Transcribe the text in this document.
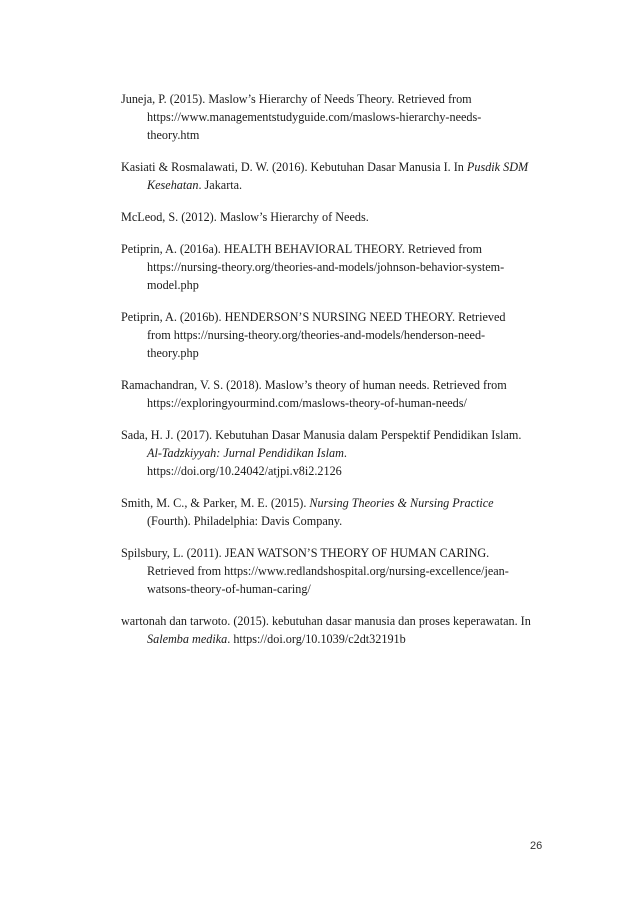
Juneja, P. (2015). Maslow’s Hierarchy of Needs Theory. Retrieved from https://www.managementstudyguide.com/maslows-hierarchy-needs-theory.htm

Kasiati & Rosmalawati, D. W. (2016). Kebutuhan Dasar Manusia I. In Pusdik SDM Kesehatan. Jakarta.

McLeod, S. (2012). Maslow’s Hierarchy of Needs.

Petiprin, A. (2016a). HEALTH BEHAVIORAL THEORY. Retrieved from https://nursing-theory.org/theories-and-models/johnson-behavior-system-model.php

Petiprin, A. (2016b). HENDERSON’S NURSING NEED THEORY. Retrieved from https://nursing-theory.org/theories-and-models/henderson-need-theory.php

Ramachandran, V. S. (2018). Maslow’s theory of human needs. Retrieved from https://exploringyourmind.com/maslows-theory-of-human-needs/

Sada, H. J. (2017). Kebutuhan Dasar Manusia dalam Perspektif Pendidikan Islam. Al-Tadzkiyyah: Jurnal Pendidikan Islam. https://doi.org/10.24042/atjpi.v8i2.2126

Smith, M. C., & Parker, M. E. (2015). Nursing Theories & Nursing Practice (Fourth). Philadelphia: Davis Company.

Spilsbury, L. (2011). JEAN WATSON’S THEORY OF HUMAN CARING. Retrieved from https://www.redlandshospital.org/nursing-excellence/jean-watsons-theory-of-human-caring/

wartonah dan tarwoto. (2015). kebutuhan dasar manusia dan proses keperawatan. In Salemba medika. https://doi.org/10.1039/c2dt32191b

26
